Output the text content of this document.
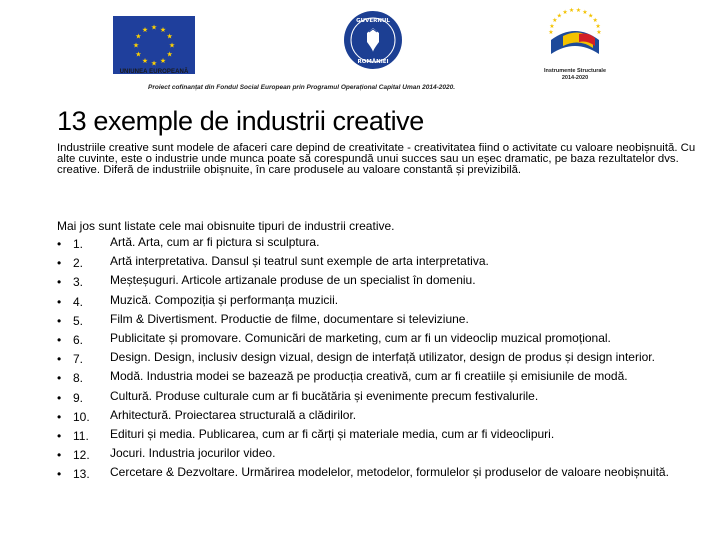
★
★
★
★
★
★
★
★
★ ★ ★
★
UNIUNEA EUROPEANĂ
GUVERNUL
ROMÂNIEI
★
★
★
★ ★ ★ ★ ★ ★
★
★
★
Instrumente Structurale
2014-2020
Proiect cofinanțat din Fondul Social European prin Programul Operațional Capital Uman 2014-2020.
13 exemple de industrii creative

Industriile creative sunt modele de afaceri care depind de creativitate - creativitatea fiind o activitate cu valoare neobișnuită. Cu alte cuvinte, este o industrie unde munca poate să corespundă unui succes sau un eșec dramatic, pe baza rezultatelor dvs. creative. Diferă de industriile obișnuite, în care produsele au valoare constantă și previzibilă.

Mai jos sunt listate cele mai obisnuite tipuri de industrii creative.

• 1.	Artă. Arta, cum ar fi pictura si sculptura.
• 2.	Artă interpretativa. Dansul și teatrul sunt exemple de arta interpretativa.
• 3.	Meșteșuguri. Articole artizanale produse de un specialist în domeniu.
• 4.	Muzică. Compoziția și performanța muzicii.
• 5.	Film & Divertisment. Productie de filme, documentare si televiziune.
• 6.	Publicitate și promovare. Comunicări de marketing, cum ar fi un videoclip muzical promoțional.
• 7.	Design. Design, inclusiv design vizual, design de interfață utilizator, design de produs și design interior.
• 8.	Modă. Industria modei se bazează pe producția creativă, cum ar fi creatiile și emisiunile de modă.
• 9.	Cultură. Produse culturale cum ar fi bucătăria și evenimente precum festivalurile.
• 10.	Arhitectură. Proiectarea structurală a clădirilor.
• 11.	Edituri și media. Publicarea, cum ar fi cărți și materiale media, cum ar fi videoclipuri.
• 12.	Jocuri. Industria jocurilor video.
• 13.	Cercetare & Dezvoltare. Urmărirea modelelor, metodelor, formulelor și produselor de valoare neobișnuită.
